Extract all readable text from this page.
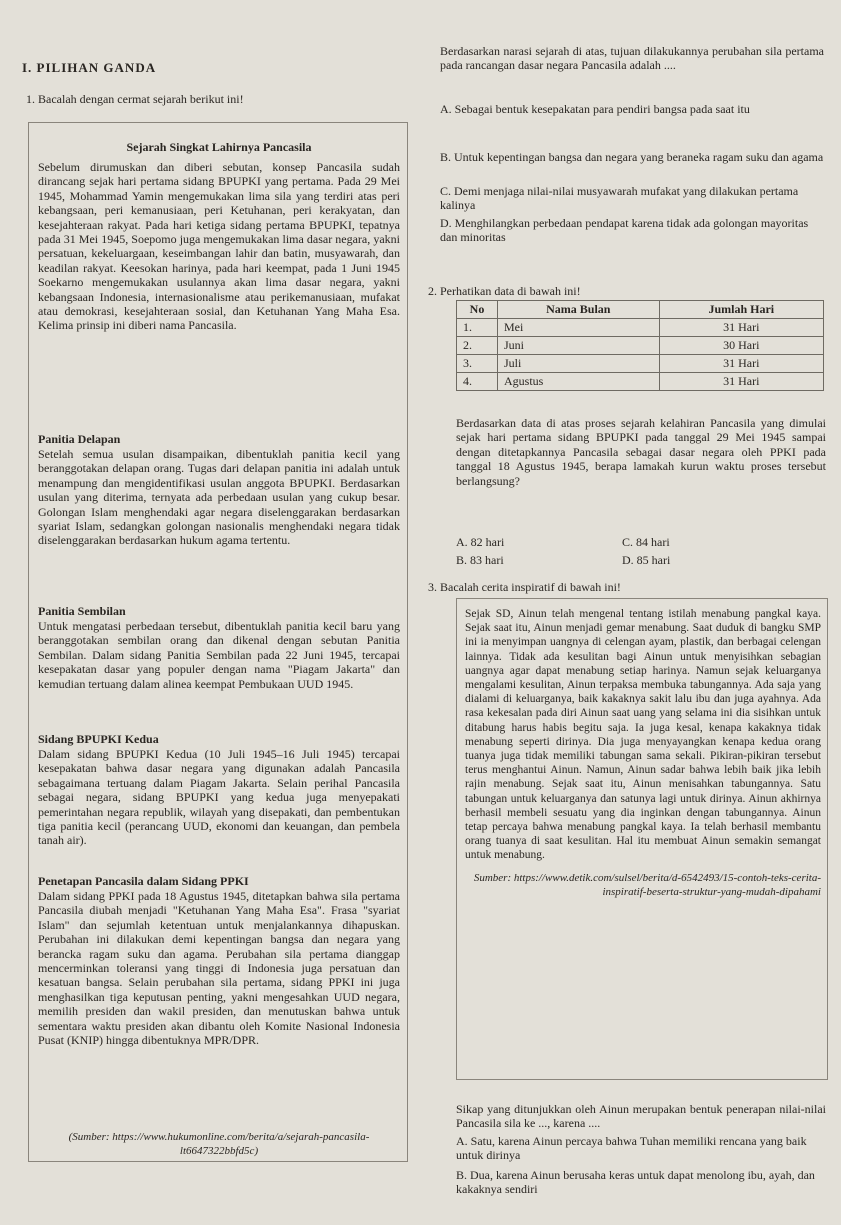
I. PILIHAN GANDA
1. Bacalah dengan cermat sejarah berikut ini!
Sejarah Singkat Lahirnya Pancasila
Sebelum dirumuskan dan diberi sebutan, konsep Pancasila sudah dirancang sejak hari pertama sidang BPUPKI yang pertama. Pada 29 Mei 1945, Mohammad Yamin mengemukakan lima sila yang terdiri atas peri kebangsaan, peri kemanusiaan, peri Ketuhanan, peri kerakyatan, dan kesejahteraan rakyat. Pada hari ketiga sidang pertama BPUPKI, tepatnya pada 31 Mei 1945, Soepomo juga mengemukakan lima dasar negara, yakni persatuan, kekeluargaan, keseimbangan lahir dan batin, musyawarah, dan keadilan rakyat. Keesokan harinya, pada hari keempat, pada 1 Juni 1945 Soekarno mengemukakan usulannya akan lima dasar negara, yakni kebangsaan Indonesia, internasionalisme atau perikemanusiaan, mufakat atau demokrasi, kesejahteraan sosial, dan Ketuhanan Yang Maha Esa. Kelima prinsip ini diberi nama Pancasila.
Panitia Delapan
Setelah semua usulan disampaikan, dibentuklah panitia kecil yang beranggotakan delapan orang. Tugas dari delapan panitia ini adalah untuk menampung dan mengidentifikasi usulan anggota BPUPKI. Berdasarkan usulan yang diterima, ternyata ada perbedaan usulan yang cukup besar. Golongan Islam menghendaki agar negara diselenggarakan berdasarkan syariat Islam, sedangkan golongan nasionalis menghendaki negara tidak diselenggarakan berdasarkan hukum agama tertentu.
Panitia Sembilan
Untuk mengatasi perbedaan tersebut, dibentuklah panitia kecil baru yang beranggotakan sembilan orang dan dikenal dengan sebutan Panitia Sembilan. Dalam sidang Panitia Sembilan pada 22 Juni 1945, tercapai kesepakatan dasar yang populer dengan nama "Piagam Jakarta" dan kemudian tertuang dalam alinea keempat Pembukaan UUD 1945.
Sidang BPUPKI Kedua
Dalam sidang BPUPKI Kedua (10 Juli 1945–16 Juli 1945) tercapai kesepakatan bahwa dasar negara yang digunakan adalah Pancasila sebagaimana tertuang dalam Piagam Jakarta. Selain perihal Pancasila sebagai negara, sidang BPUPKI yang kedua juga menyepakati pemerintahan negara republik, wilayah yang disepakati, dan pembentukan tiga panitia kecil (perancang UUD, ekonomi dan keuangan, dan pembela tanah air).
Penetapan Pancasila dalam Sidang PPKI
Dalam sidang PPKI pada 18 Agustus 1945, ditetapkan bahwa sila pertama Pancasila diubah menjadi "Ketuhanan Yang Maha Esa". Frasa "syariat Islam" dan sejumlah ketentuan untuk menjalankannya dihapuskan. Perubahan ini dilakukan demi kepentingan bangsa dan negara yang berancka ragam suku dan agama. Perubahan sila pertama dianggap mencerminkan toleransi yang tinggi di Indonesia juga persatuan dan kesatuan bangsa. Selain perubahan sila pertama, sidang PPKI ini juga menghasilkan tiga keputusan penting, yakni mengesahkan UUD negara, memilih presiden dan wakil presiden, dan menutuskan bahwa untuk sementara waktu presiden akan dibantu oleh Komite Nasional Indonesia Pusat (KNIP) hingga dibentuknya MPR/DPR.
(Sumber: https://www.hukumonline.com/berita/a/sejarah-pancasila-lt6647322bbfd5c)
Berdasarkan narasi sejarah di atas, tujuan dilakukannya perubahan sila pertama pada rancangan dasar negara Pancasila adalah ....
A. Sebagai bentuk kesepakatan para pendiri bangsa pada saat itu
B. Untuk kepentingan bangsa dan negara yang beraneka ragam suku dan agama
C. Demi menjaga nilai-nilai musyawarah mufakat yang dilakukan pertama kalinya
D. Menghilangkan perbedaan pendapat karena tidak ada golongan mayoritas dan minoritas
2. Perhatikan data di bawah ini!
No	Nama Bulan	Jumlah Hari
1.	Mei	31 Hari
2.	Juni	30 Hari
3.	Juli	31 Hari
4.	Agustus	31 Hari
Berdasarkan data di atas proses sejarah kelahiran Pancasila yang dimulai sejak hari pertama sidang BPUPKI pada tanggal 29 Mei 1945 sampai dengan ditetapkannya Pancasila sebagai dasar negara oleh PPKI pada tanggal 18 Agustus 1945, berapa lamakah kurun waktu proses tersebut berlangsung?
A. 82 hari	C. 84 hari
B. 83 hari	D. 85 hari
3. Bacalah cerita inspiratif di bawah ini!

Sejak SD, Ainun telah mengenal tentang istilah menabung pangkal kaya. Sejak saat itu, Ainun menjadi gemar menabung. Saat duduk di bangku SMP ini ia menyimpan uangnya di celengan ayam, plastik, dan berbagai celengan lainnya. Tidak ada kesulitan bagi Ainun untuk menyisihkan sebagian uangnya agar dapat menabung setiap harinya. Namun sejak keluarganya mengalami kesulitan, Ainun terpaksa membuka tabungannya. Ada saja yang dialami di keluarganya, baik kakaknya sakit lalu ibu dan juga ayahnya. Ada rasa kekesalan pada diri Ainun saat uang yang selama ini dia sisihkan untuk ditabung harus habis begitu saja. Ia juga kesal, kenapa kakaknya tidak menabung seperti dirinya. Dia juga menyayangkan kenapa kedua orang tuanya juga tidak memiliki tabungan sama sekali. Pikiran-pikiran tersebut terus menghantui Ainun. Namun, Ainun sadar bahwa lebih baik jika lebih rajin menabung. Sejak saat itu, Ainun menisahkan tabungannya. Satu tabungan untuk keluarganya dan satunya lagi untuk dirinya. Ainun akhirnya berhasil membeli sesuatu yang dia inginkan dengan tabungannya. Ainun tetap percaya bahwa menabung pangkal kaya. Ia telah berhasil membantu orang tuanya di saat kesulitan. Hal itu membuat Ainun semakin semangat untuk menabung.

Sumber: https://www.detik.com/sulsel/berita/d-6542493/15-contoh-teks-cerita-inspiratif-beserta-struktur-yang-mudah-dipahami

Sikap yang ditunjukkan oleh Ainun merupakan bentuk penerapan nilai-nilai Pancasila sila ke ..., karena ....
A. Satu, karena Ainun percaya bahwa Tuhan memiliki rencana yang baik untuk dirinya
B. Dua, karena Ainun berusaha keras untuk dapat menolong ibu, ayah, dan kakaknya sendiri
